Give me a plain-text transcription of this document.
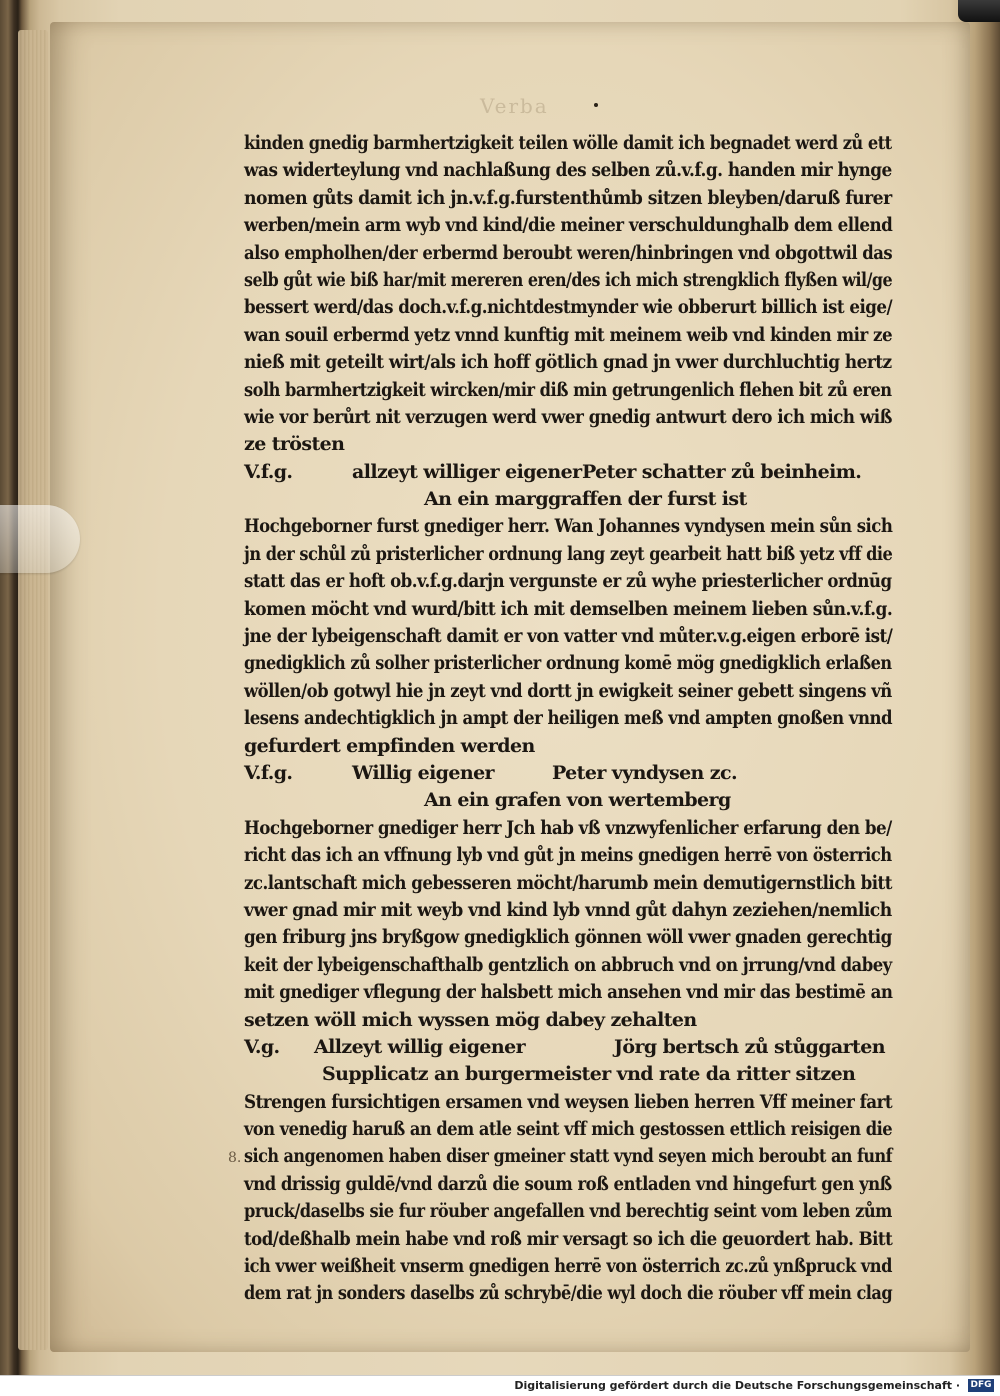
Verba
kinden gnedig barmhertzigkeit teilen wölle damit ich begnadet werd zů ett
was widerteylung vnd nachlaßung des selben zů.v.f.g. handen mir hynge
nomen gůts damit ich jn.v.f.g.furstenthůmb sitzen bleyben/daruß furer
werben/mein arm wyb vnd kind/die meiner verschuldunghalb dem ellend
also empholhen/der erbermd beroubt weren/hinbringen vnd obgottwil das
selb gůt wie biß har/mit mereren eren/des ich mich strengklich flyßen wil/ge
bessert werd/das doch.v.f.g.nichtdestmynder wie obberurt billich ist eige/
wan souil erbermd yetz vnnd kunftig mit meinem weib vnd kinden mir ze
nieß mit geteilt wirt/als ich hoff götlich gnad jn vwer durchluchtig hertz
solh barmhertzigkeit wircken/mir diß min getrungenlich flehen bit zů eren
wie vor berůrt nit verzugen werd vwer gnedig antwurt dero ich mich wiß
ze trösten
V.f.g.	allzeyt williger eigener Peter schatter zů beinheim.
An ein marggraffen der furst ist
Hochgeborner furst gnediger herr. Wan Johannes vyndysen mein sůn sich
jn der schůl zů pristerlicher ordnung lang zeyt gearbeit hatt biß yetz vff die
statt das er hoft ob.v.f.g.darjn vergunste er zů wyhe priesterlicher ordnūg
komen möcht vnd wurd/bitt ich mit demselben meinem lieben sůn.v.f.g.
jne der lybeigenschaft damit er von vatter vnd můter.v.g.eigen erborē ist/
gnedigklich zů solher pristerlicher ordnung komē mög gnedigklich erlaßen
wöllen/ob gotwyl hie jn zeyt vnd dortt jn ewigkeit seiner gebett singens vñ
lesens andechtigklich jn ampt der heiligen meß vnd ampten gnoßen vnnd
gefurdert empfinden werden
V.f.g.	Willig eigener	Peter vyndysen zc.
An ein grafen von wertemberg
Hochgeborner gnediger herr Jch hab vß vnzwyfenlicher erfarung den be/
richt das ich an vffnung lyb vnd gůt jn meins gnedigen herrē von österrich
zc.lantschaft mich gebesseren möcht/harumb mein demutigernstlich bitt
vwer gnad mir mit weyb vnd kind lyb vnnd gůt dahyn zeziehen/nemlich
gen friburg jns bryßgow gnedigklich gönnen wöll vwer gnaden gerechtig
keit der lybeigenschafthalb gentzlich on abbruch vnd on jrrung/vnd dabey
mit gnediger vflegung der halsbett mich ansehen vnd mir das bestimē an
setzen wöll mich wyssen mög dabey zehalten
V.g.	Allzeyt willig eigener	Jörg bertsch zů stůggarten
Supplicatz an burgermeister vnd rate da ritter sitzen
Strengen fursichtigen ersamen vnd weysen lieben herren Vff meiner fart
von venedig haruß an dem atle seint vff mich gestossen ettlich reisigen die
sich angenomen haben diser gmeiner statt vynd seyen mich beroubt an funf
vnd drissig guldē/vnd darzů die soum roß entladen vnd hingefurt gen ynß
pruck/daselbs sie fur röuber angefallen vnd berechtig seint vom leben zům
tod/deßhalb mein habe vnd roß mir versagt so ich die geuordert hab. Bitt
ich vwer weißheit vnserm gnedigen herrē von österrich zc.zů ynßpruck vnd
dem rat jn sonders daselbs zů schrybē/die wyl doch die röuber vff mein clag
8.
Digitalisierung gefördert durch die Deutsche Forschungsgemeinschaft · DFG
